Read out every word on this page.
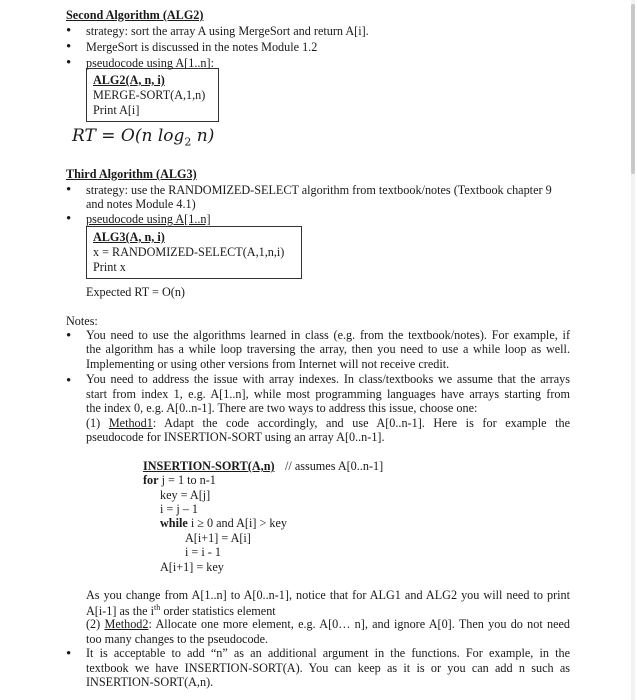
Second Algorithm (ALG2)
• strategy: sort the array A using MergeSort and return A[i].
• MergeSort is discussed in the notes Module 1.2
• pseudocode using A[1..n]:
ALG2(A, n, i)
MERGE-SORT(A,1,n)
Print A[i]
RT = O(n $\log_2 n$)
Third Algorithm (ALG3)
• strategy: use the RANDOMIZED-SELECT algorithm from textbook/notes (Textbook chapter 9
and notes Module 4.1)
• pseudocode using A[1..n]
ALG3(A, n, i)
x = RANDOMIZED-SELECT(A,1,n,i)
Print x
Expected RT = O(n)
Notes:
• You need to use the algorithms learned in class (e.g. from the textbook/notes). For example, if
the algorithm has a while loop traversing the array, then you need to use a while loop as well.
Implementing or using other versions from Internet will not receive credit.
• You need to address the issue with array indexes. In class/textbooks we assume that the arrays
start from index 1, e.g. A[1..n], while most programming languages have arrays starting from
the index 0, e.g. A[0..n-1]. There are two ways to address this issue, choose one:
(1) Method1: Adapt the code accordingly, and use A[0..n-1]. Here is for example the
pseudocode for INSERTION-SORT using an array A[0..n-1].
INSERTION-SORT(A,n) // assumes A[0..n-1]
for j = 1 to n-1
key = A[j]
i = j – 1
while i ≥ 0 and A[i] > key
A[i+1] = A[i]
i = i - 1
A[i+1] = key
As you change from A[1..n] to A[0..n-1], notice that for ALG1 and ALG2 you will need to print
A[i-1] as the $i^{th}$ order statistics element
(2) Method2: Allocate one more element, e.g. A[0… n], and ignore A[0]. Then you do not need
too many changes to the pseudocode.
• It is acceptable to add “n” as an additional argument in the functions. For example, in the
textbook we have INSERTION-SORT(A). You can keep as it is or you can add n such as
INSERTION-SORT(A,n).
